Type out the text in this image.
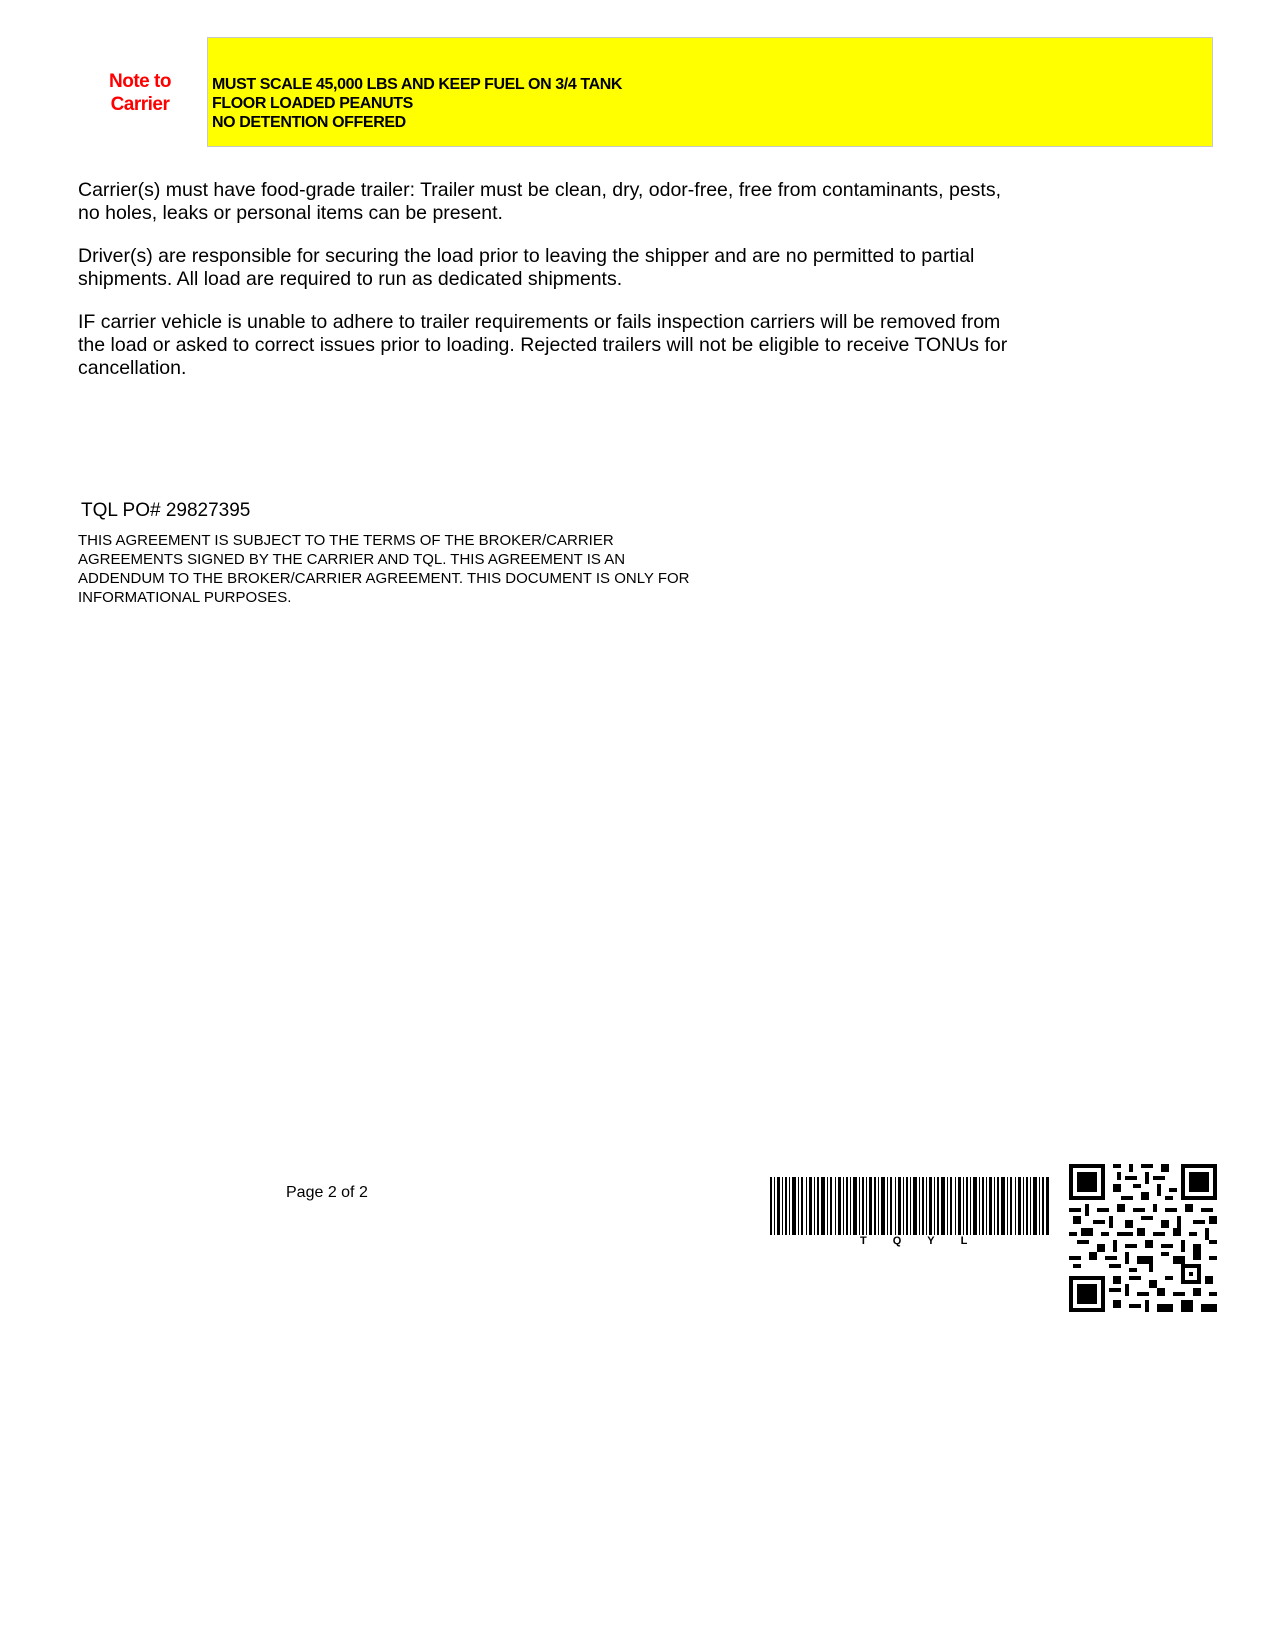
Note to
Carrier
MUST SCALE 45,000 LBS AND KEEP FUEL ON 3/4 TANK
FLOOR LOADED PEANUTS
NO DETENTION OFFERED

Carrier(s) must have food-grade trailer: Trailer must be clean, dry, odor-free, free from contaminants, pests,
no holes, leaks or personal items can be present.

Driver(s) are responsible for securing the load prior to leaving the shipper and are no permitted to partial
shipments. All load are required to run as dedicated shipments.

IF carrier vehicle is unable to adhere to trailer requirements or fails inspection carriers will be removed from
the load or asked to correct issues prior to loading. Rejected trailers will not be eligible to receive TONUs for
cancellation.

TQL PO# 29827395
THIS AGREEMENT IS SUBJECT TO THE TERMS OF THE BROKER/CARRIER
AGREEMENTS SIGNED BY THE CARRIER AND TQL. THIS AGREEMENT IS AN
ADDENDUM TO THE BROKER/CARRIER AGREEMENT. THIS DOCUMENT IS ONLY FOR
INFORMATIONAL PURPOSES.
Page 2 of 2
TQYL
